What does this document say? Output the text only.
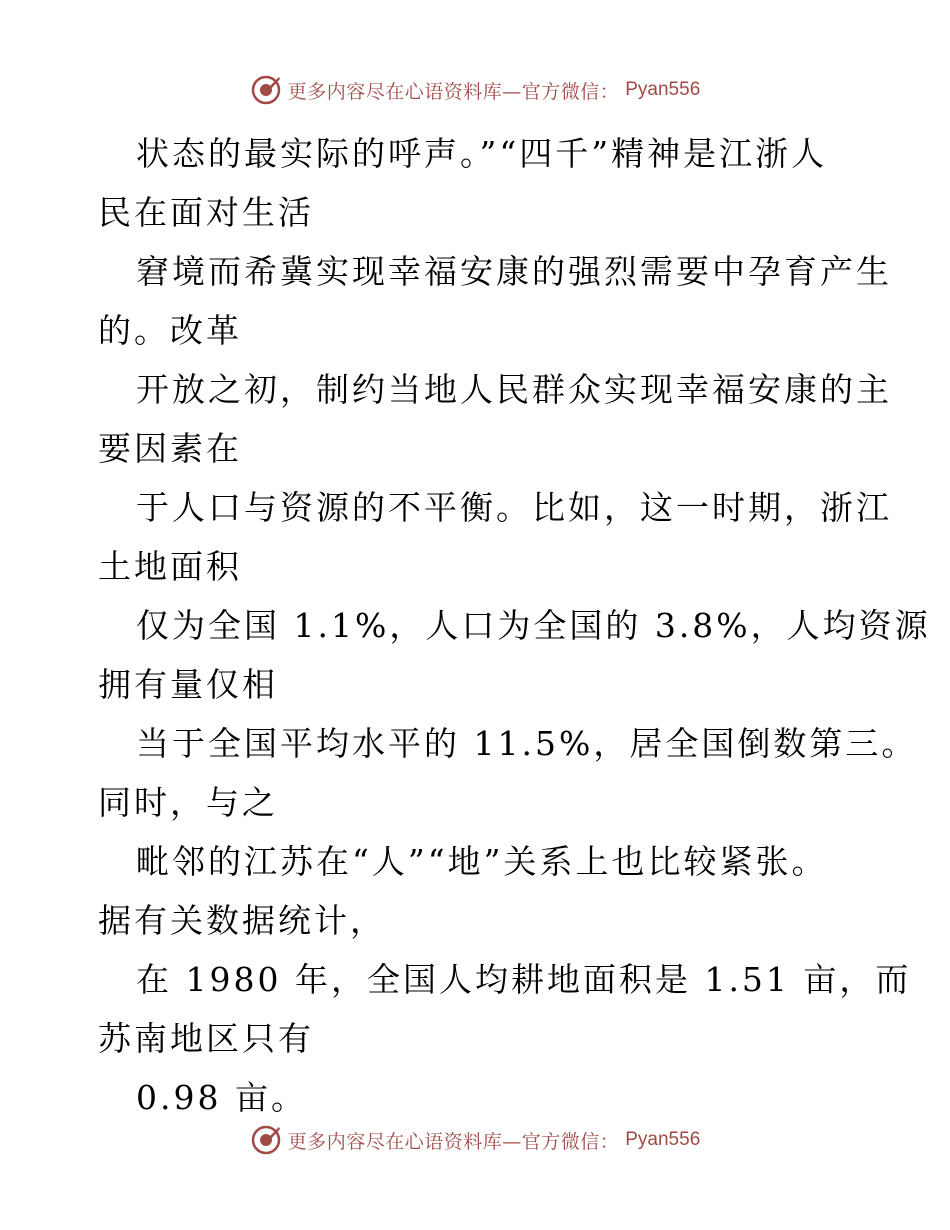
更多内容尽在心语资料库—官方微信： Pyan556
状态的最实际的呼声。”“四千”精神是江浙人
民在面对生活
窘境而希冀实现幸福安康的强烈需要中孕育产生
的。改革
开放之初，制约当地人民群众实现幸福安康的主
要因素在
于人口与资源的不平衡。比如，这一时期，浙江
土地面积
仅为全国 1.1%，人口为全国的 3.8%，人均资源
拥有量仅相
当于全国平均水平的 11.5%，居全国倒数第三。
同时，与之
毗邻的江苏在“人”“地”关系上也比较紧张。
据有关数据统计，
在 1980 年，全国人均耕地面积是 1.51 亩，而
苏南地区只有
0.98 亩。
更多内容尽在心语资料库—官方微信： Pyan556
